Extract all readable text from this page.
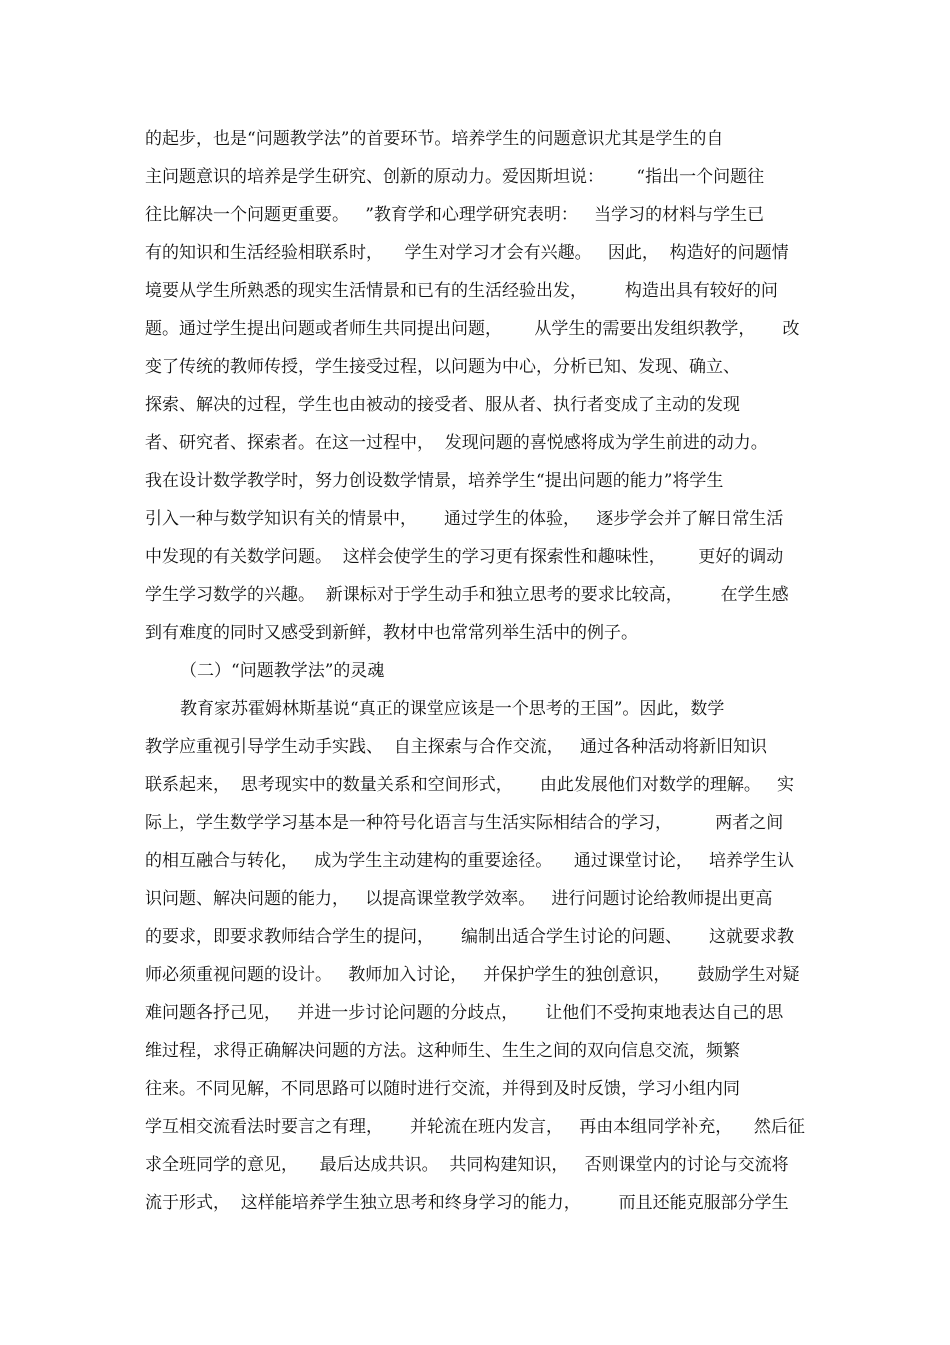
的起步，也是“问题教学法”的首要环节。培养学生的问题意识尤其是学生的自
主问题意识的培养是学生研究、创新的原动力。爱因斯坦说：      “指出一个问题往
往比解决一个问题更重要。   ”教育学和心理学研究表明：   当学习的材料与学生已
有的知识和生活经验相联系时，    学生对学习才会有兴趣。   因此，  构造好的问题情
境要从学生所熟悉的现实生活情景和已有的生活经验出发，       构造出具有较好的问
题。通过学生提出问题或者师生共同提出问题，      从学生的需要出发组织教学，     改
变了传统的教师传授，学生接受过程，以问题为中心，分析已知、发现、确立、
探索、解决的过程，学生也由被动的接受者、服从者、执行者变成了主动的发现
者、研究者、探索者。在这一过程中，  发现问题的喜悦感将成为学生前进的动力。
我在设计数学教学时，努力创设数学情景，培养学生“提出问题的能力”将学生
引入一种与数学知识有关的情景中，     通过学生的体验，   逐步学会并了解日常生活
中发现的有关数学问题。  这样会使学生的学习更有探索性和趣味性，      更好的调动
学生学习数学的兴趣。  新课标对于学生动手和独立思考的要求比较高，       在学生感
到有难度的同时又感受到新鲜，教材中也常常列举生活中的例子。
（二）“问题教学法”的灵魂
教育家苏霍姆林斯基说“真正的课堂应该是一个思考的王国”。因此，数学
教学应重视引导学生动手实践、  自主探索与合作交流，   通过各种活动将新旧知识
联系起来，  思考现实中的数量关系和空间形式，     由此发展他们对数学的理解。   实
际上，学生数学学习基本是一种符号化语言与生活实际相结合的学习，        两者之间
的相互融合与转化，   成为学生主动建构的重要途径。    通过课堂讨论，   培养学生认
识问题、解决问题的能力，   以提高课堂教学效率。   进行问题讨论给教师提出更高
的要求，即要求教师结合学生的提问，     编制出适合学生讨论的问题、     这就要求教
师必须重视问题的设计。   教师加入讨论，   并保护学生的独创意识，     鼓励学生对疑
难问题各抒己见，   并进一步讨论问题的分歧点，     让他们不受拘束地表达自己的思
维过程，求得正确解决问题的方法。这种师生、生生之间的双向信息交流，频繁
往来。不同见解，不同思路可以随时进行交流，并得到及时反馈，学习小组内同
学互相交流看法时要言之有理，     并轮流在班内发言，   再由本组同学补充，    然后征
求全班同学的意见，    最后达成共识。  共同构建知识，   否则课堂内的讨论与交流将
流于形式，  这样能培养学生独立思考和终身学习的能力，       而且还能克服部分学生
